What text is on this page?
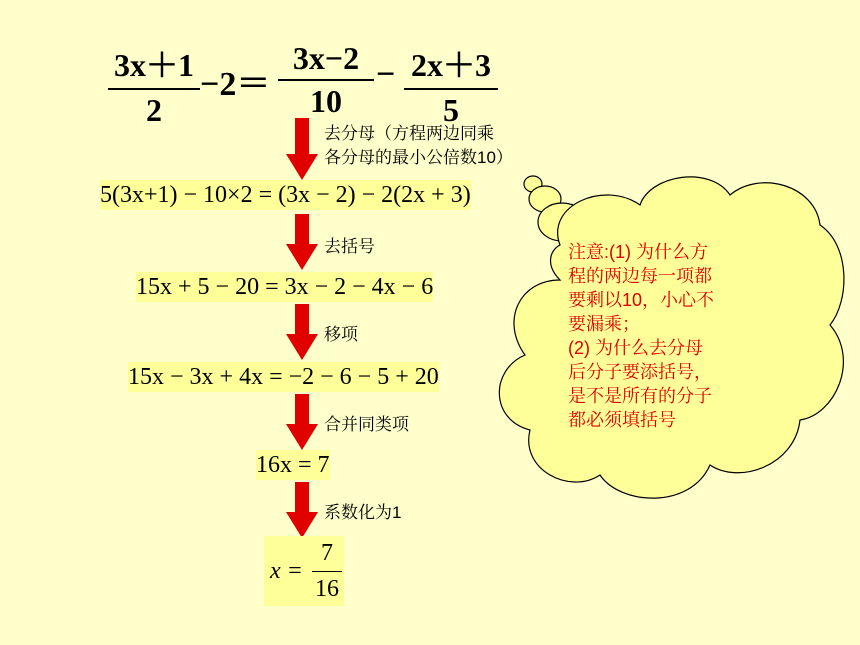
3x＋1
2
−2＝
3x−2
10
− 2x＋3
5
去分母（方程两边同乘
各分母的最小公倍数10）
去括号
移项
合并同类项
系数化为1
5(3x+1) − 10×2 = (3x − 2) − 2(2x + 3)
15x + 5 − 20 = 3x − 2 − 4x − 6
15x − 3x + 4x = −2 − 6 − 5 + 20
16x = 7
x =
7
16
注意:(1) 为什么方
程的两边每一项都
要剩以10，小心不
要漏乘；
(2) 为什么去分母
后分子要添括号，
是不是所有的分子
都必须填括号
